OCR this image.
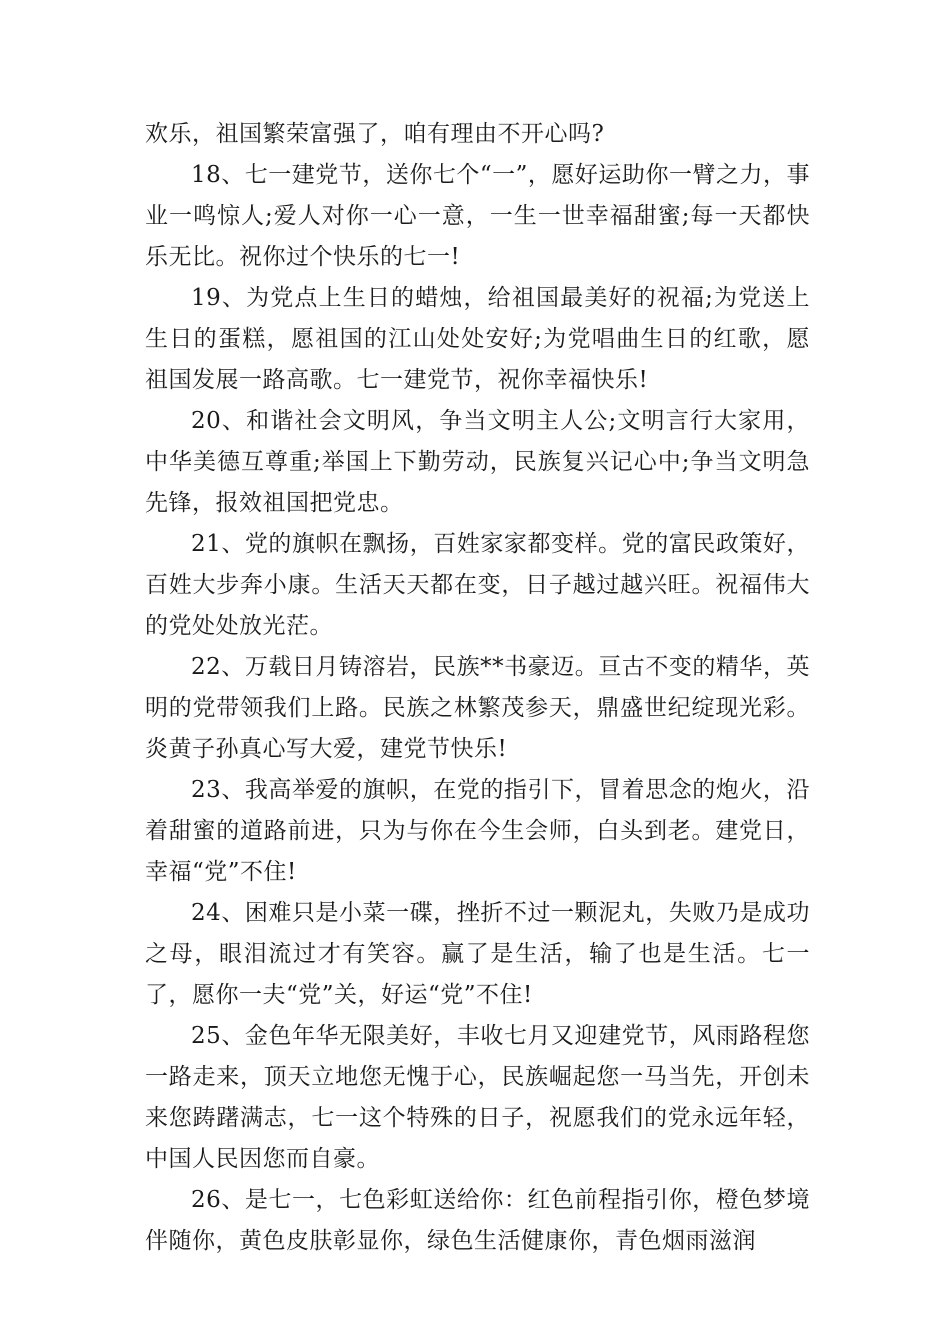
欢乐，祖国繁荣富强了，咱有理由不开心吗?

18、七一建党节，送你七个“一”，愿好运助你一臂之力，事业一鸣惊人;爱人对你一心一意，一生一世幸福甜蜜;每一天都快乐无比。祝你过个快乐的七一!

19、为党点上生日的蜡烛，给祖国最美好的祝福;为党送上生日的蛋糕，愿祖国的江山处处安好;为党唱曲生日的红歌，愿祖国发展一路高歌。七一建党节，祝你幸福快乐!

20、和谐社会文明风，争当文明主人公;文明言行大家用，中华美德互尊重;举国上下勤劳动，民族复兴记心中;争当文明急先锋，报效祖国把党忠。

21、党的旗帜在飘扬，百姓家家都变样。党的富民政策好，百姓大步奔小康。生活天天都在变，日子越过越兴旺。祝福伟大的党处处放光茫。

22、万载日月铸溶岩，民族**书豪迈。亘古不变的精华，英明的党带领我们上路。民族之林繁茂参天，鼎盛世纪绽现光彩。炎黄子孙真心写大爱，建党节快乐!

23、我高举爱的旗帜，在党的指引下，冒着思念的炮火，沿着甜蜜的道路前进，只为与你在今生会师，白头到老。建党日，幸福“党”不住!

24、困难只是小菜一碟，挫折不过一颗泥丸，失败乃是成功之母，眼泪流过才有笑容。赢了是生活，输了也是生活。七一了，愿你一夫“党”关，好运“党”不住!

25、金色年华无限美好，丰收七月又迎建党节，风雨路程您一路走来，顶天立地您无愧于心，民族崛起您一马当先，开创未来您踌躇满志，七一这个特殊的日子，祝愿我们的党永远年轻，中国人民因您而自豪。

26、是七一，七色彩虹送给你：红色前程指引你，橙色梦境伴随你，黄色皮肤彰显你，绿色生活健康你，青色烟雨滋润
